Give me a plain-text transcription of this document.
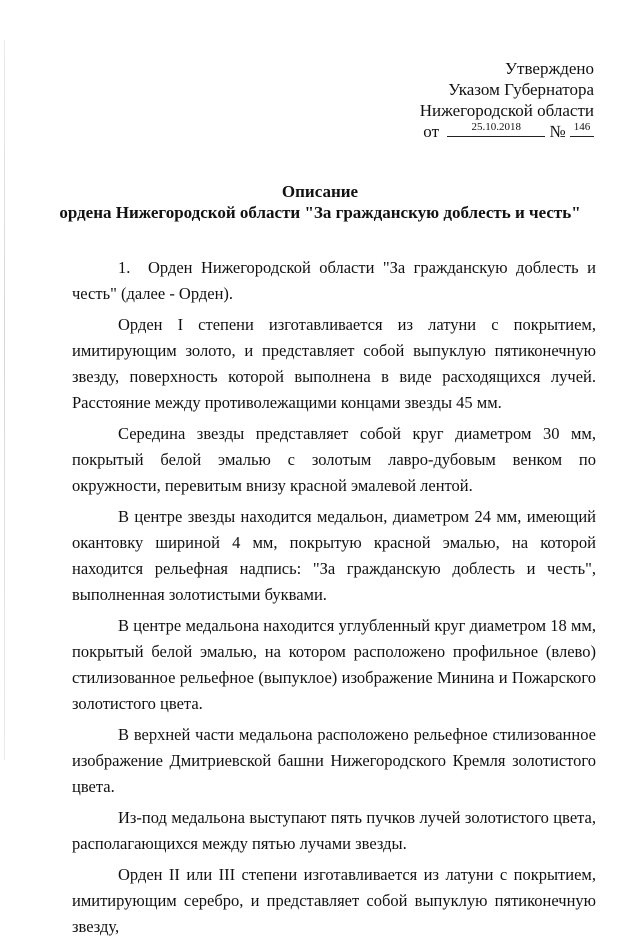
Утверждено
Указом Губернатора
Нижегородской области
от	25.10.2018	№ 146
Описание
ордена Нижегородской области "За гражданскую доблесть и честь"

1. Орден Нижегородской области "За гражданскую доблесть и честь" (далее - Орден).

Орден I степени изготавливается из латуни с покрытием, имитирующим золото, и представляет собой выпуклую пятиконечную звезду, поверхность которой выполнена в виде расходящихся лучей. Расстояние между противолежащими концами звезды 45 мм.

Середина звезды представляет собой круг диаметром 30 мм, покрытый белой эмалью с золотым лавро-дубовым венком по окружности, перевитым внизу красной эмалевой лентой.

В центре звезды находится медальон, диаметром 24 мм, имеющий окантовку шириной 4 мм, покрытую красной эмалью, на которой находится рельефная надпись: "За гражданскую доблесть и честь", выполненная золотистыми буквами.

В центре медальона находится углубленный круг диаметром 18 мм, покрытый белой эмалью, на котором расположено профильное (влево) стилизованное рельефное (выпуклое) изображение Минина и Пожарского золотистого цвета.

В верхней части медальона расположено рельефное стилизованное изображение Дмитриевской башни Нижегородского Кремля золотистого цвета.

Из-под медальона выступают пять пучков лучей золотистого цвета, располагающихся между пятью лучами звезды.

Орден II или III степени изготавливается из латуни с покрытием, имитирующим серебро, и представляет собой выпуклую пятиконечную звезду,
